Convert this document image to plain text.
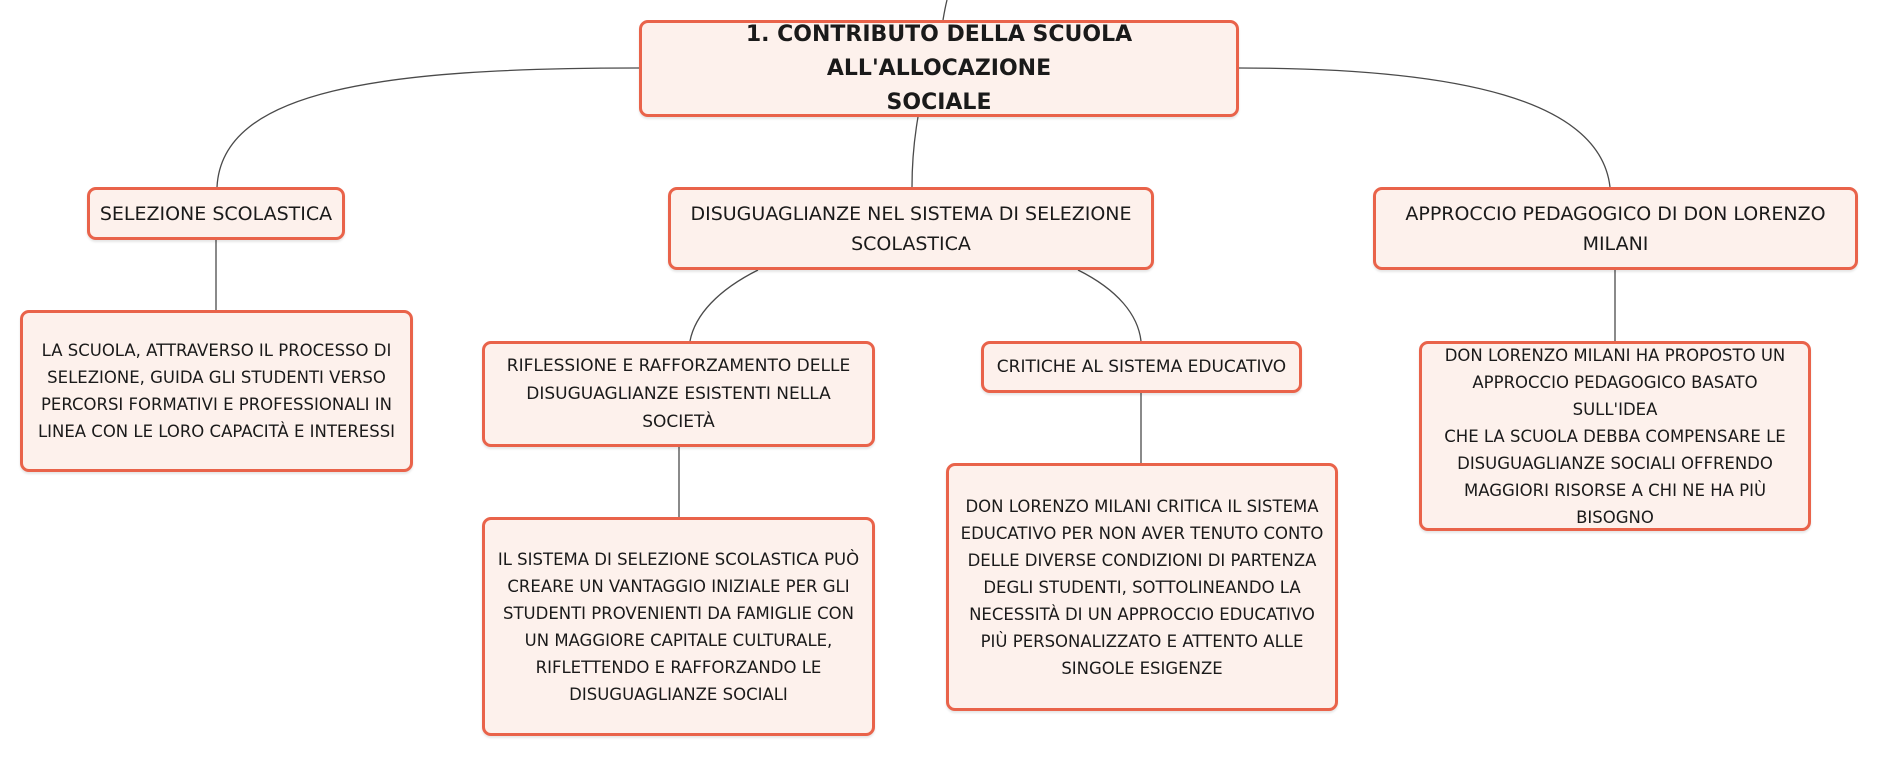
1. CONTRIBUTO DELLA SCUOLA ALL'ALLOCAZIONE
SOCIALE
SELEZIONE SCOLASTICA
LA SCUOLA, ATTRAVERSO IL PROCESSO DI
SELEZIONE, GUIDA GLI STUDENTI VERSO
PERCORSI FORMATIVI E PROFESSIONALI IN
LINEA CON LE LORO CAPACITÀ E INTERESSI
DISUGUAGLIANZE NEL SISTEMA DI SELEZIONE
SCOLASTICA
RIFLESSIONE E RAFFORZAMENTO DELLE
DISUGUAGLIANZE ESISTENTI NELLA SOCIETÀ
IL SISTEMA DI SELEZIONE SCOLASTICA PUÒ
CREARE UN VANTAGGIO INIZIALE PER GLI
STUDENTI PROVENIENTI DA FAMIGLIE CON
UN MAGGIORE CAPITALE CULTURALE,
RIFLETTENDO E RAFFORZANDO LE
DISUGUAGLIANZE SOCIALI
CRITICHE AL SISTEMA EDUCATIVO
DON LORENZO MILANI CRITICA IL SISTEMA
EDUCATIVO PER NON AVER TENUTO CONTO
DELLE DIVERSE CONDIZIONI DI PARTENZA
DEGLI STUDENTI, SOTTOLINEANDO LA
NECESSITÀ DI UN APPROCCIO EDUCATIVO
PIÙ PERSONALIZZATO E ATTENTO ALLE
SINGOLE ESIGENZE
APPROCCIO PEDAGOGICO DI DON LORENZO
MILANI
DON LORENZO MILANI HA PROPOSTO UN
APPROCCIO PEDAGOGICO BASATO SULL'IDEA
CHE LA SCUOLA DEBBA COMPENSARE LE
DISUGUAGLIANZE SOCIALI OFFRENDO
MAGGIORI RISORSE A CHI NE HA PIÙ
BISOGNO
